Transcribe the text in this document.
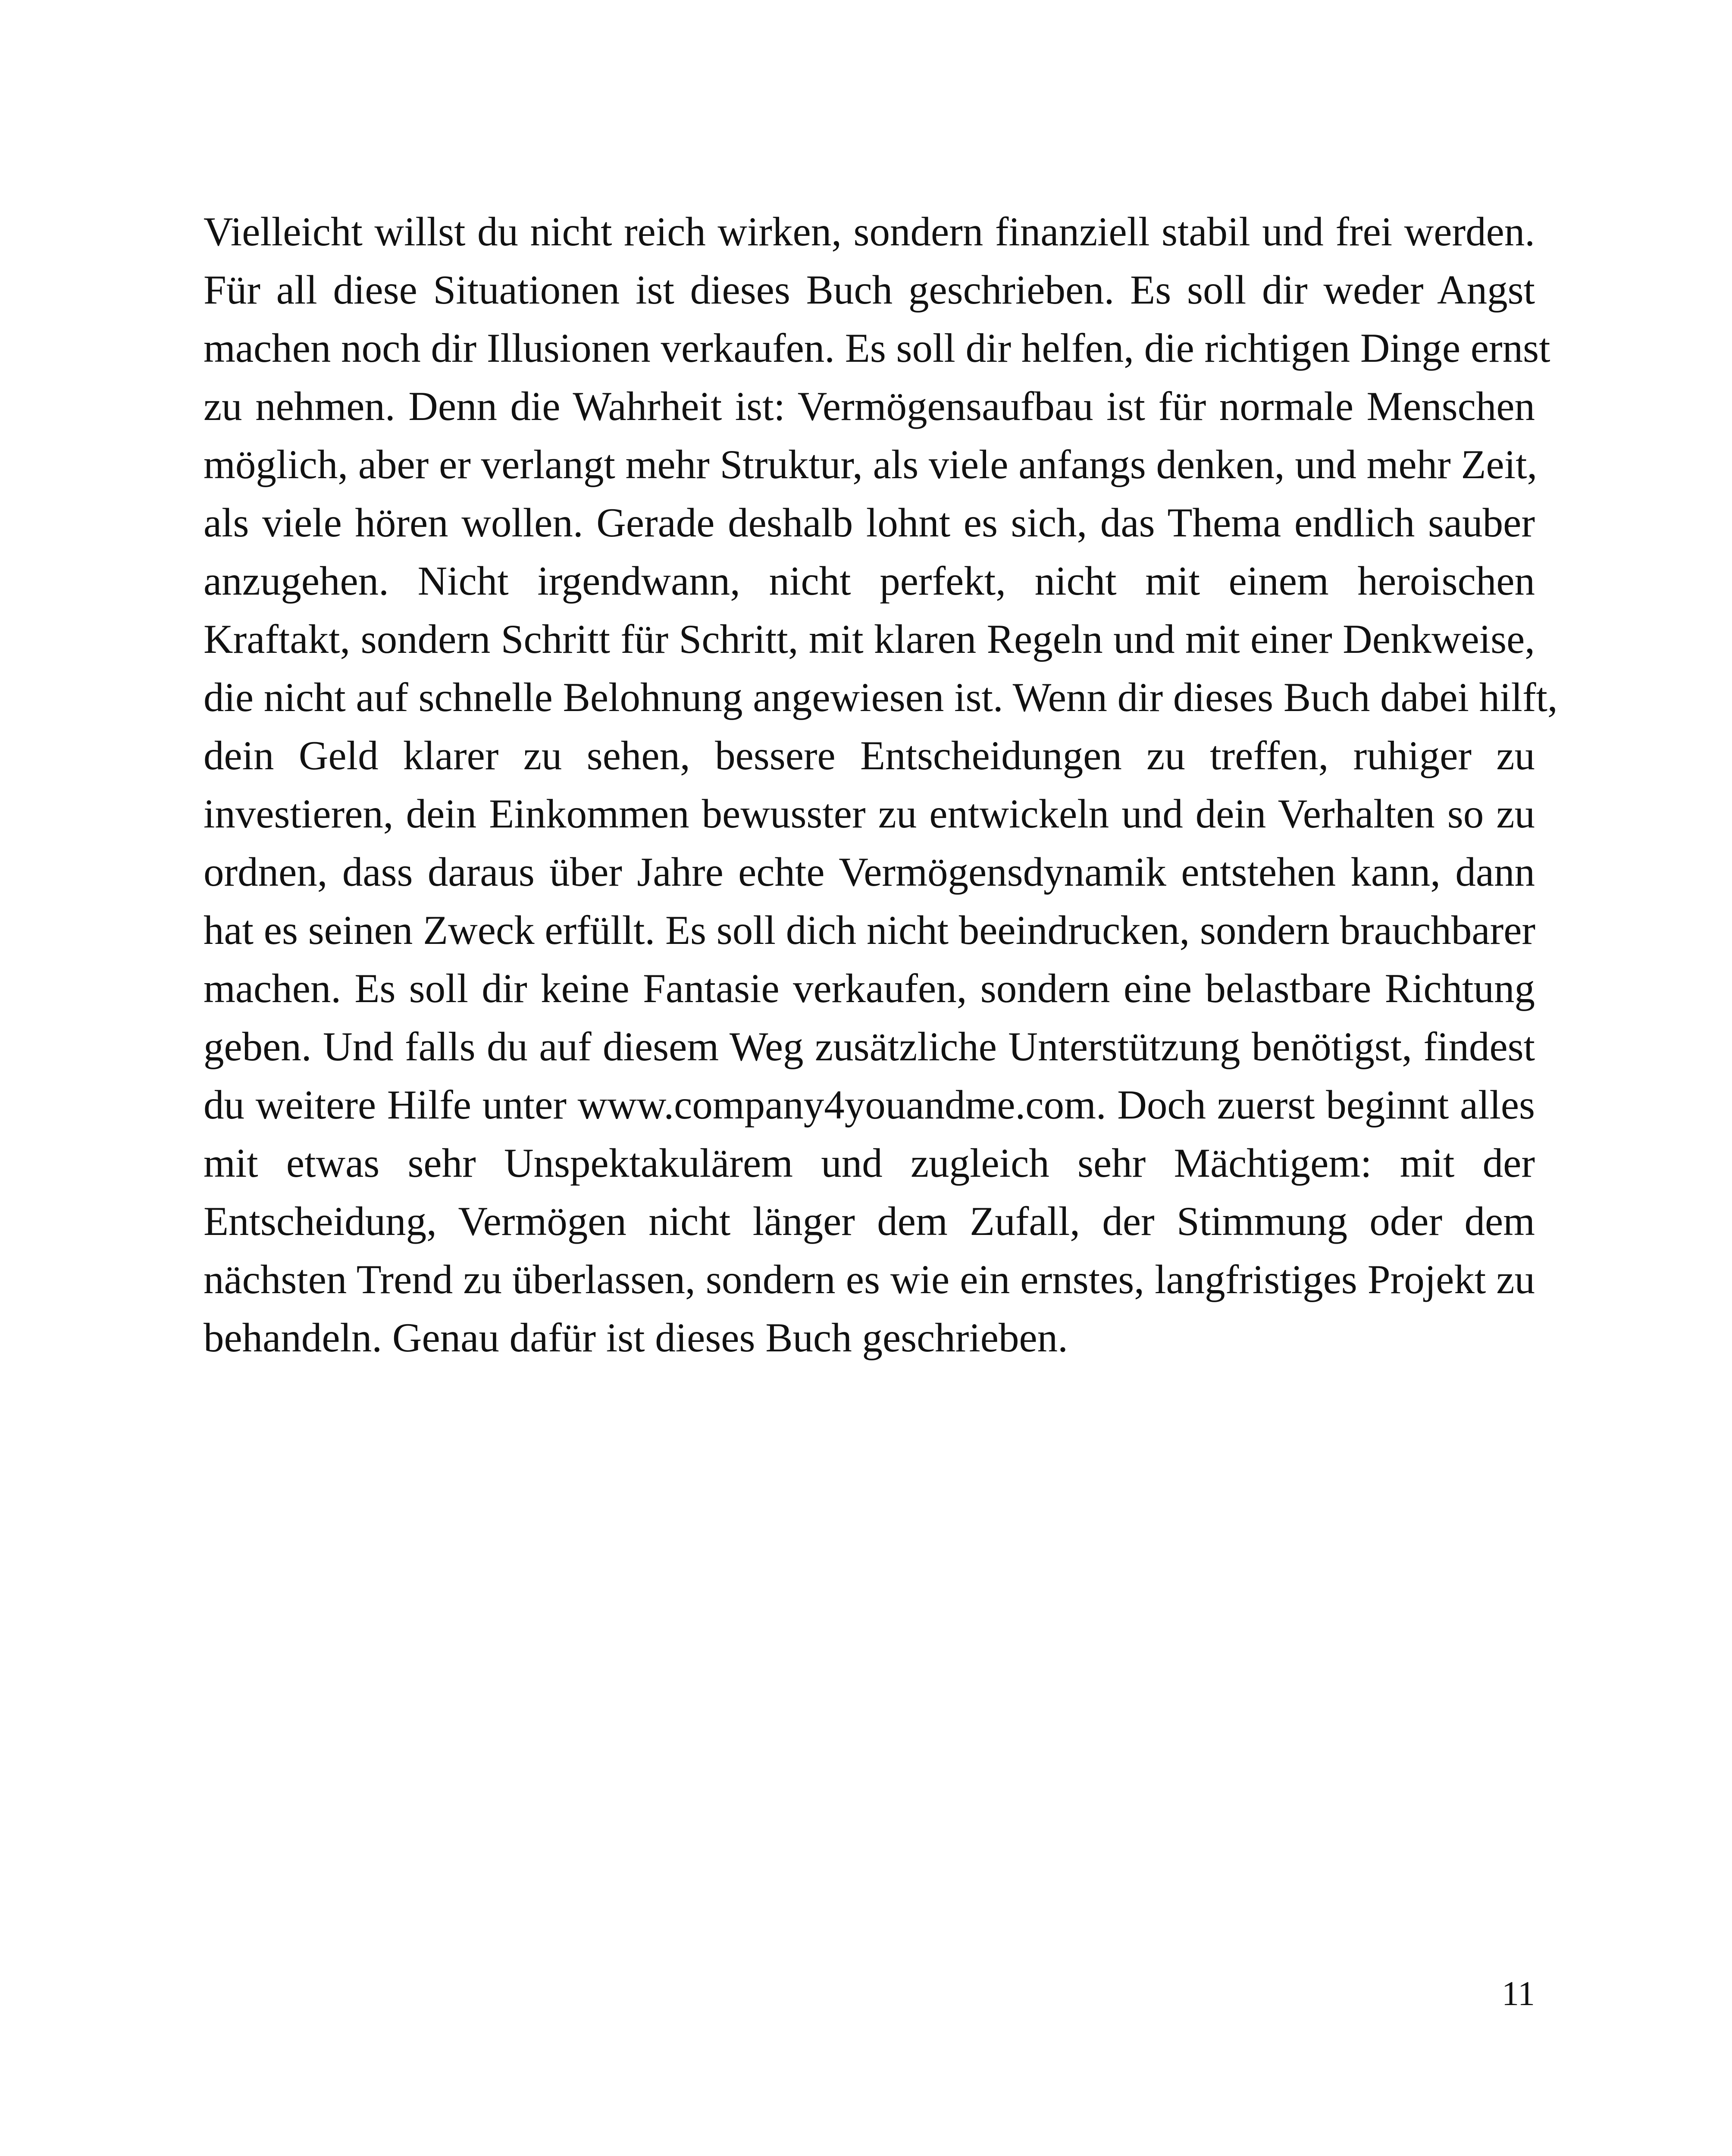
Vielleicht willst du nicht reich wirken, sondern finanziell stabil und frei werden.
Für all diese Situationen ist dieses Buch geschrieben. Es soll dir weder Angst
machen noch dir Illusionen verkaufen. Es soll dir helfen, die richtigen Dinge ernst
zu nehmen. Denn die Wahrheit ist: Vermögensaufbau ist für normale Menschen
möglich, aber er verlangt mehr Struktur, als viele anfangs denken, und mehr Zeit,
als viele hören wollen. Gerade deshalb lohnt es sich, das Thema endlich sauber
anzugehen. Nicht irgendwann, nicht perfekt, nicht mit einem heroischen
Kraftakt, sondern Schritt für Schritt, mit klaren Regeln und mit einer Denkweise,
die nicht auf schnelle Belohnung angewiesen ist. Wenn dir dieses Buch dabei hilft,
dein Geld klarer zu sehen, bessere Entscheidungen zu treffen, ruhiger zu
investieren, dein Einkommen bewusster zu entwickeln und dein Verhalten so zu
ordnen, dass daraus über Jahre echte Vermögensdynamik entstehen kann, dann
hat es seinen Zweck erfüllt. Es soll dich nicht beeindrucken, sondern brauchbarer
machen. Es soll dir keine Fantasie verkaufen, sondern eine belastbare Richtung
geben. Und falls du auf diesem Weg zusätzliche Unterstützung benötigst, findest
du weitere Hilfe unter www.company4youandme.com. Doch zuerst beginnt alles
mit etwas sehr Unspektakulärem und zugleich sehr Mächtigem: mit der
Entscheidung, Vermögen nicht länger dem Zufall, der Stimmung oder dem
nächsten Trend zu überlassen, sondern es wie ein ernstes, langfristiges Projekt zu
behandeln. Genau dafür ist dieses Buch geschrieben.
11
